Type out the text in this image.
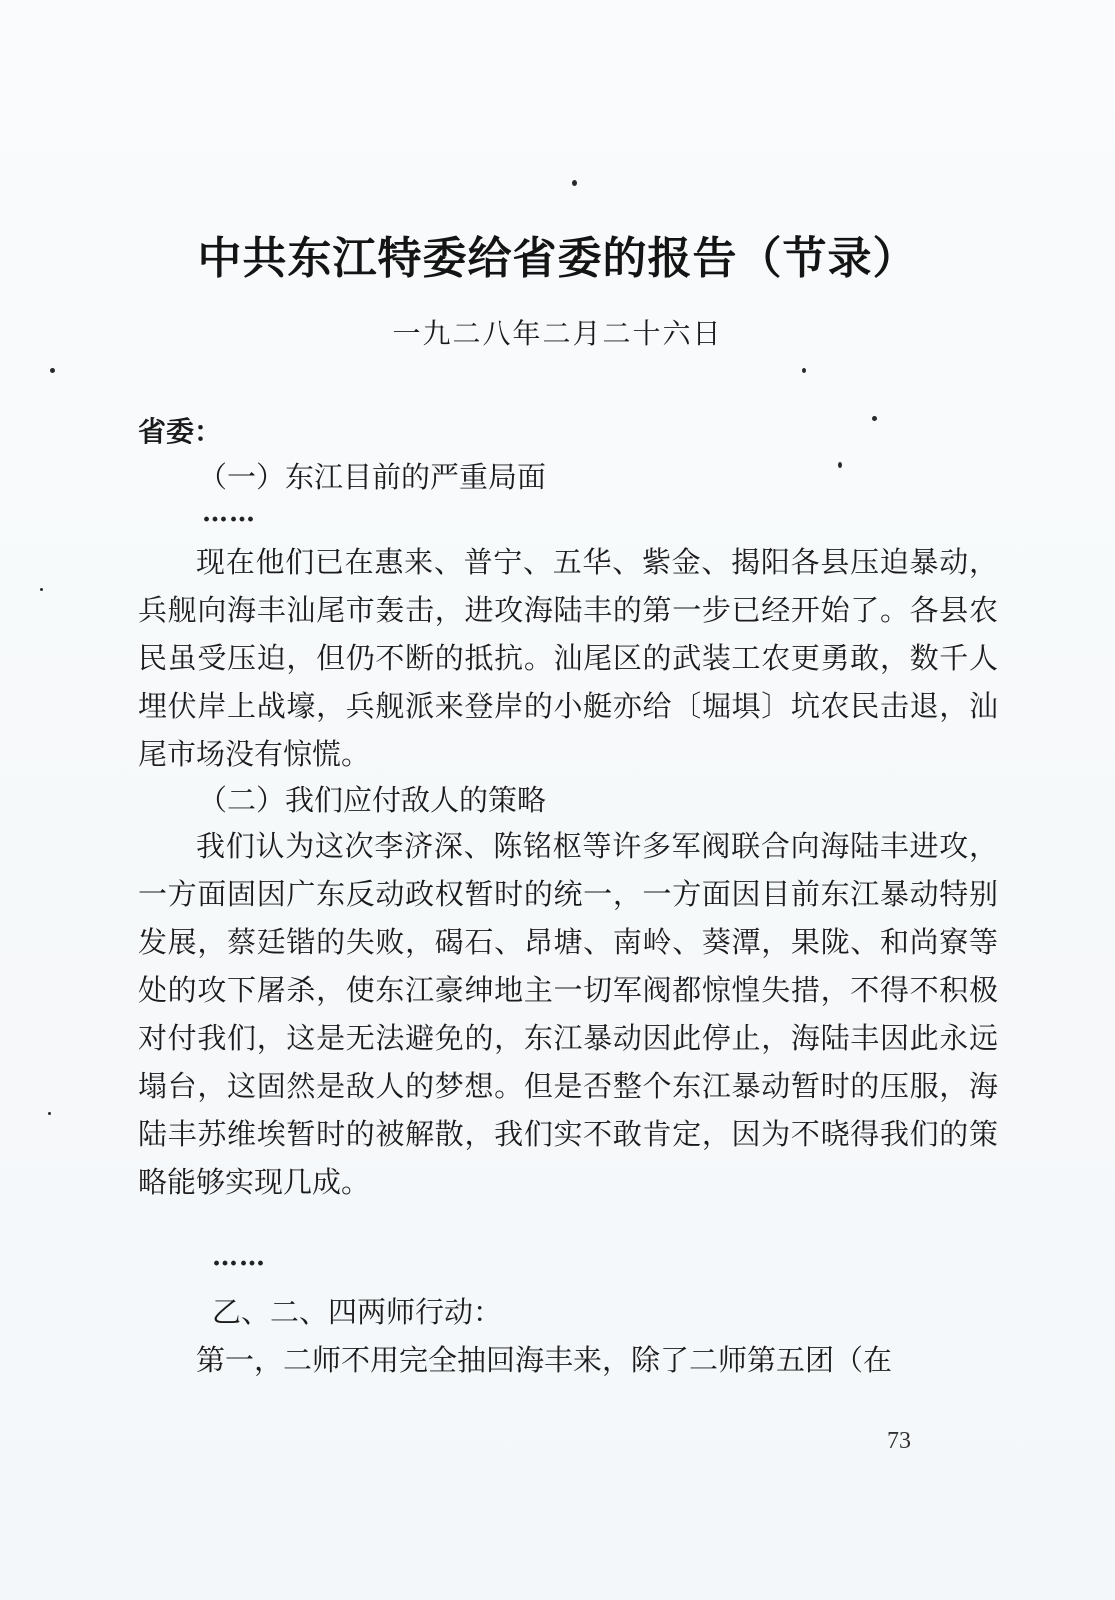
中共东江特委给省委的报告（节录）
一九二八年二月二十六日
省委：
（一）东江目前的严重局面
……
现在他们已在惠来、普宁、五华、紫金、揭阳各县压迫暴动，兵舰向海丰汕尾市轰击，进攻海陆丰的第一步已经开始了。各县农民虽受压迫，但仍不断的抵抗。汕尾区的武装工农更勇敢，数千人埋伏岸上战壕，兵舰派来登岸的小艇亦给〔堀埧〕坑农民击退，汕尾市场没有惊慌。
（二）我们应付敌人的策略
我们认为这次李济深、陈铭枢等许多军阀联合向海陆丰进攻，一方面固因广东反动政权暂时的统一，一方面因目前东江暴动特别发展，蔡廷锴的失败，碣石、昂塘、南岭、葵潭，果陇、和尚寮等处的攻下屠杀，使东江豪绅地主一切军阀都惊惶失措，不得不积极对付我们，这是无法避免的，东江暴动因此停止，海陆丰因此永远塌台，这固然是敌人的梦想。但是否整个东江暴动暂时的压服，海陆丰苏维埃暂时的被解散，我们实不敢肯定，因为不晓得我们的策略能够实现几成。
……
乙、二、四两师行动：
第一，二师不用完全抽回海丰来，除了二师第五团（在
73
